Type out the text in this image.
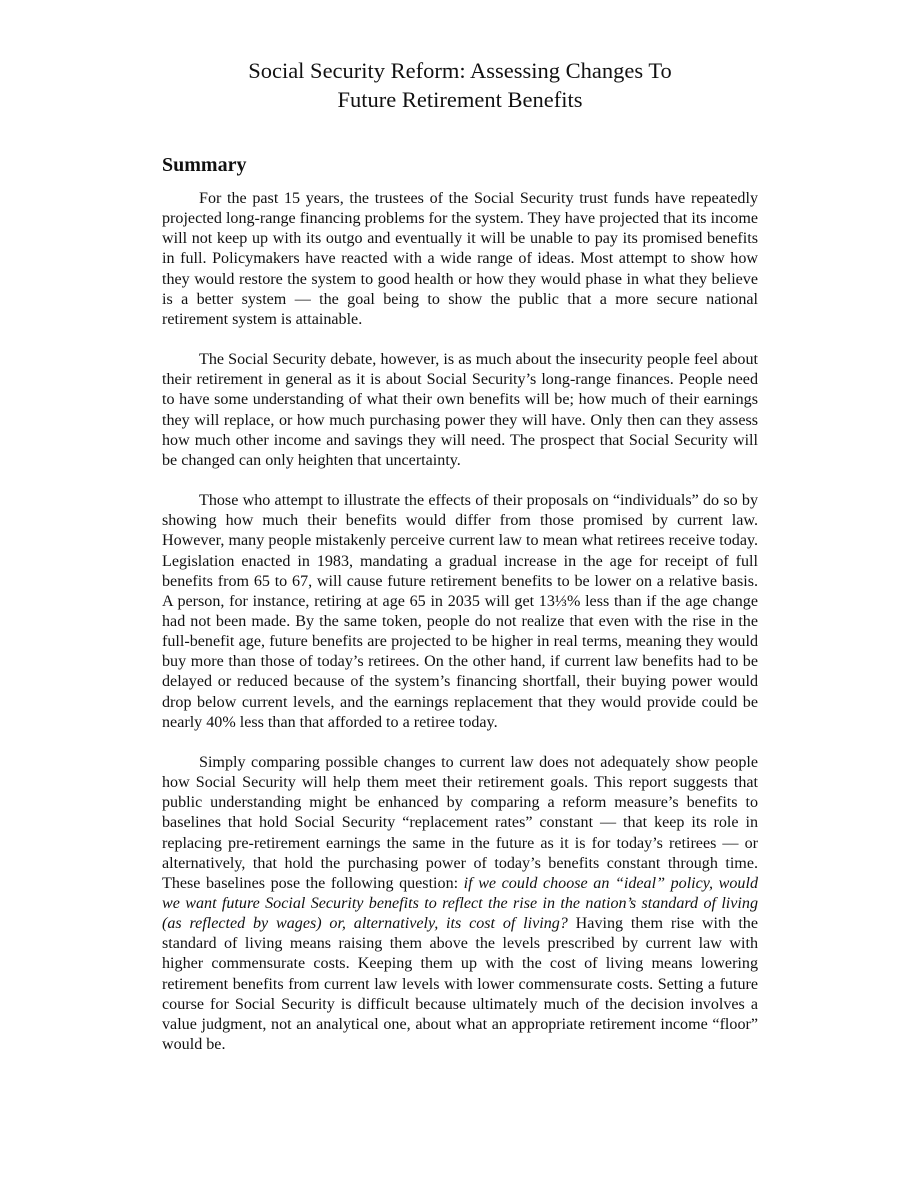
Social Security Reform: Assessing Changes To
Future Retirement Benefits
Summary

For the past 15 years, the trustees of the Social Security trust funds have repeatedly projected long-range financing problems for the system. They have projected that its income will not keep up with its outgo and eventually it will be unable to pay its promised benefits in full. Policymakers have reacted with a wide range of ideas. Most attempt to show how they would restore the system to good health or how they would phase in what they believe is a better system — the goal being to show the public that a more secure national retirement system is attainable.

The Social Security debate, however, is as much about the insecurity people feel about their retirement in general as it is about Social Security’s long-range finances. People need to have some understanding of what their own benefits will be; how much of their earnings they will replace, or how much purchasing power they will have. Only then can they assess how much other income and savings they will need. The prospect that Social Security will be changed can only heighten that uncertainty.

Those who attempt to illustrate the effects of their proposals on “individuals” do so by showing how much their benefits would differ from those promised by current law. However, many people mistakenly perceive current law to mean what retirees receive today. Legislation enacted in 1983, mandating a gradual increase in the age for receipt of full benefits from 65 to 67, will cause future retirement benefits to be lower on a relative basis. A person, for instance, retiring at age 65 in 2035 will get 13⅓% less than if the age change had not been made. By the same token, people do not realize that even with the rise in the full-benefit age, future benefits are projected to be higher in real terms, meaning they would buy more than those of today’s retirees. On the other hand, if current law benefits had to be delayed or reduced because of the system’s financing shortfall, their buying power would drop below current levels, and the earnings replacement that they would provide could be nearly 40% less than that afforded to a retiree today.

Simply comparing possible changes to current law does not adequately show people how Social Security will help them meet their retirement goals. This report suggests that public understanding might be enhanced by comparing a reform measure’s benefits to baselines that hold Social Security “replacement rates” constant — that keep its role in replacing pre-retirement earnings the same in the future as it is for today’s retirees — or alternatively, that hold the purchasing power of today’s benefits constant through time. These baselines pose the following question: if we could choose an “ideal” policy, would we want future Social Security benefits to reflect the rise in the nation’s standard of living (as reflected by wages) or, alternatively, its cost of living? Having them rise with the standard of living means raising them above the levels prescribed by current law with higher commensurate costs. Keeping them up with the cost of living means lowering retirement benefits from current law levels with lower commensurate costs. Setting a future course for Social Security is difficult because ultimately much of the decision involves a value judgment, not an analytical one, about what an appropriate retirement income “floor” would be.
